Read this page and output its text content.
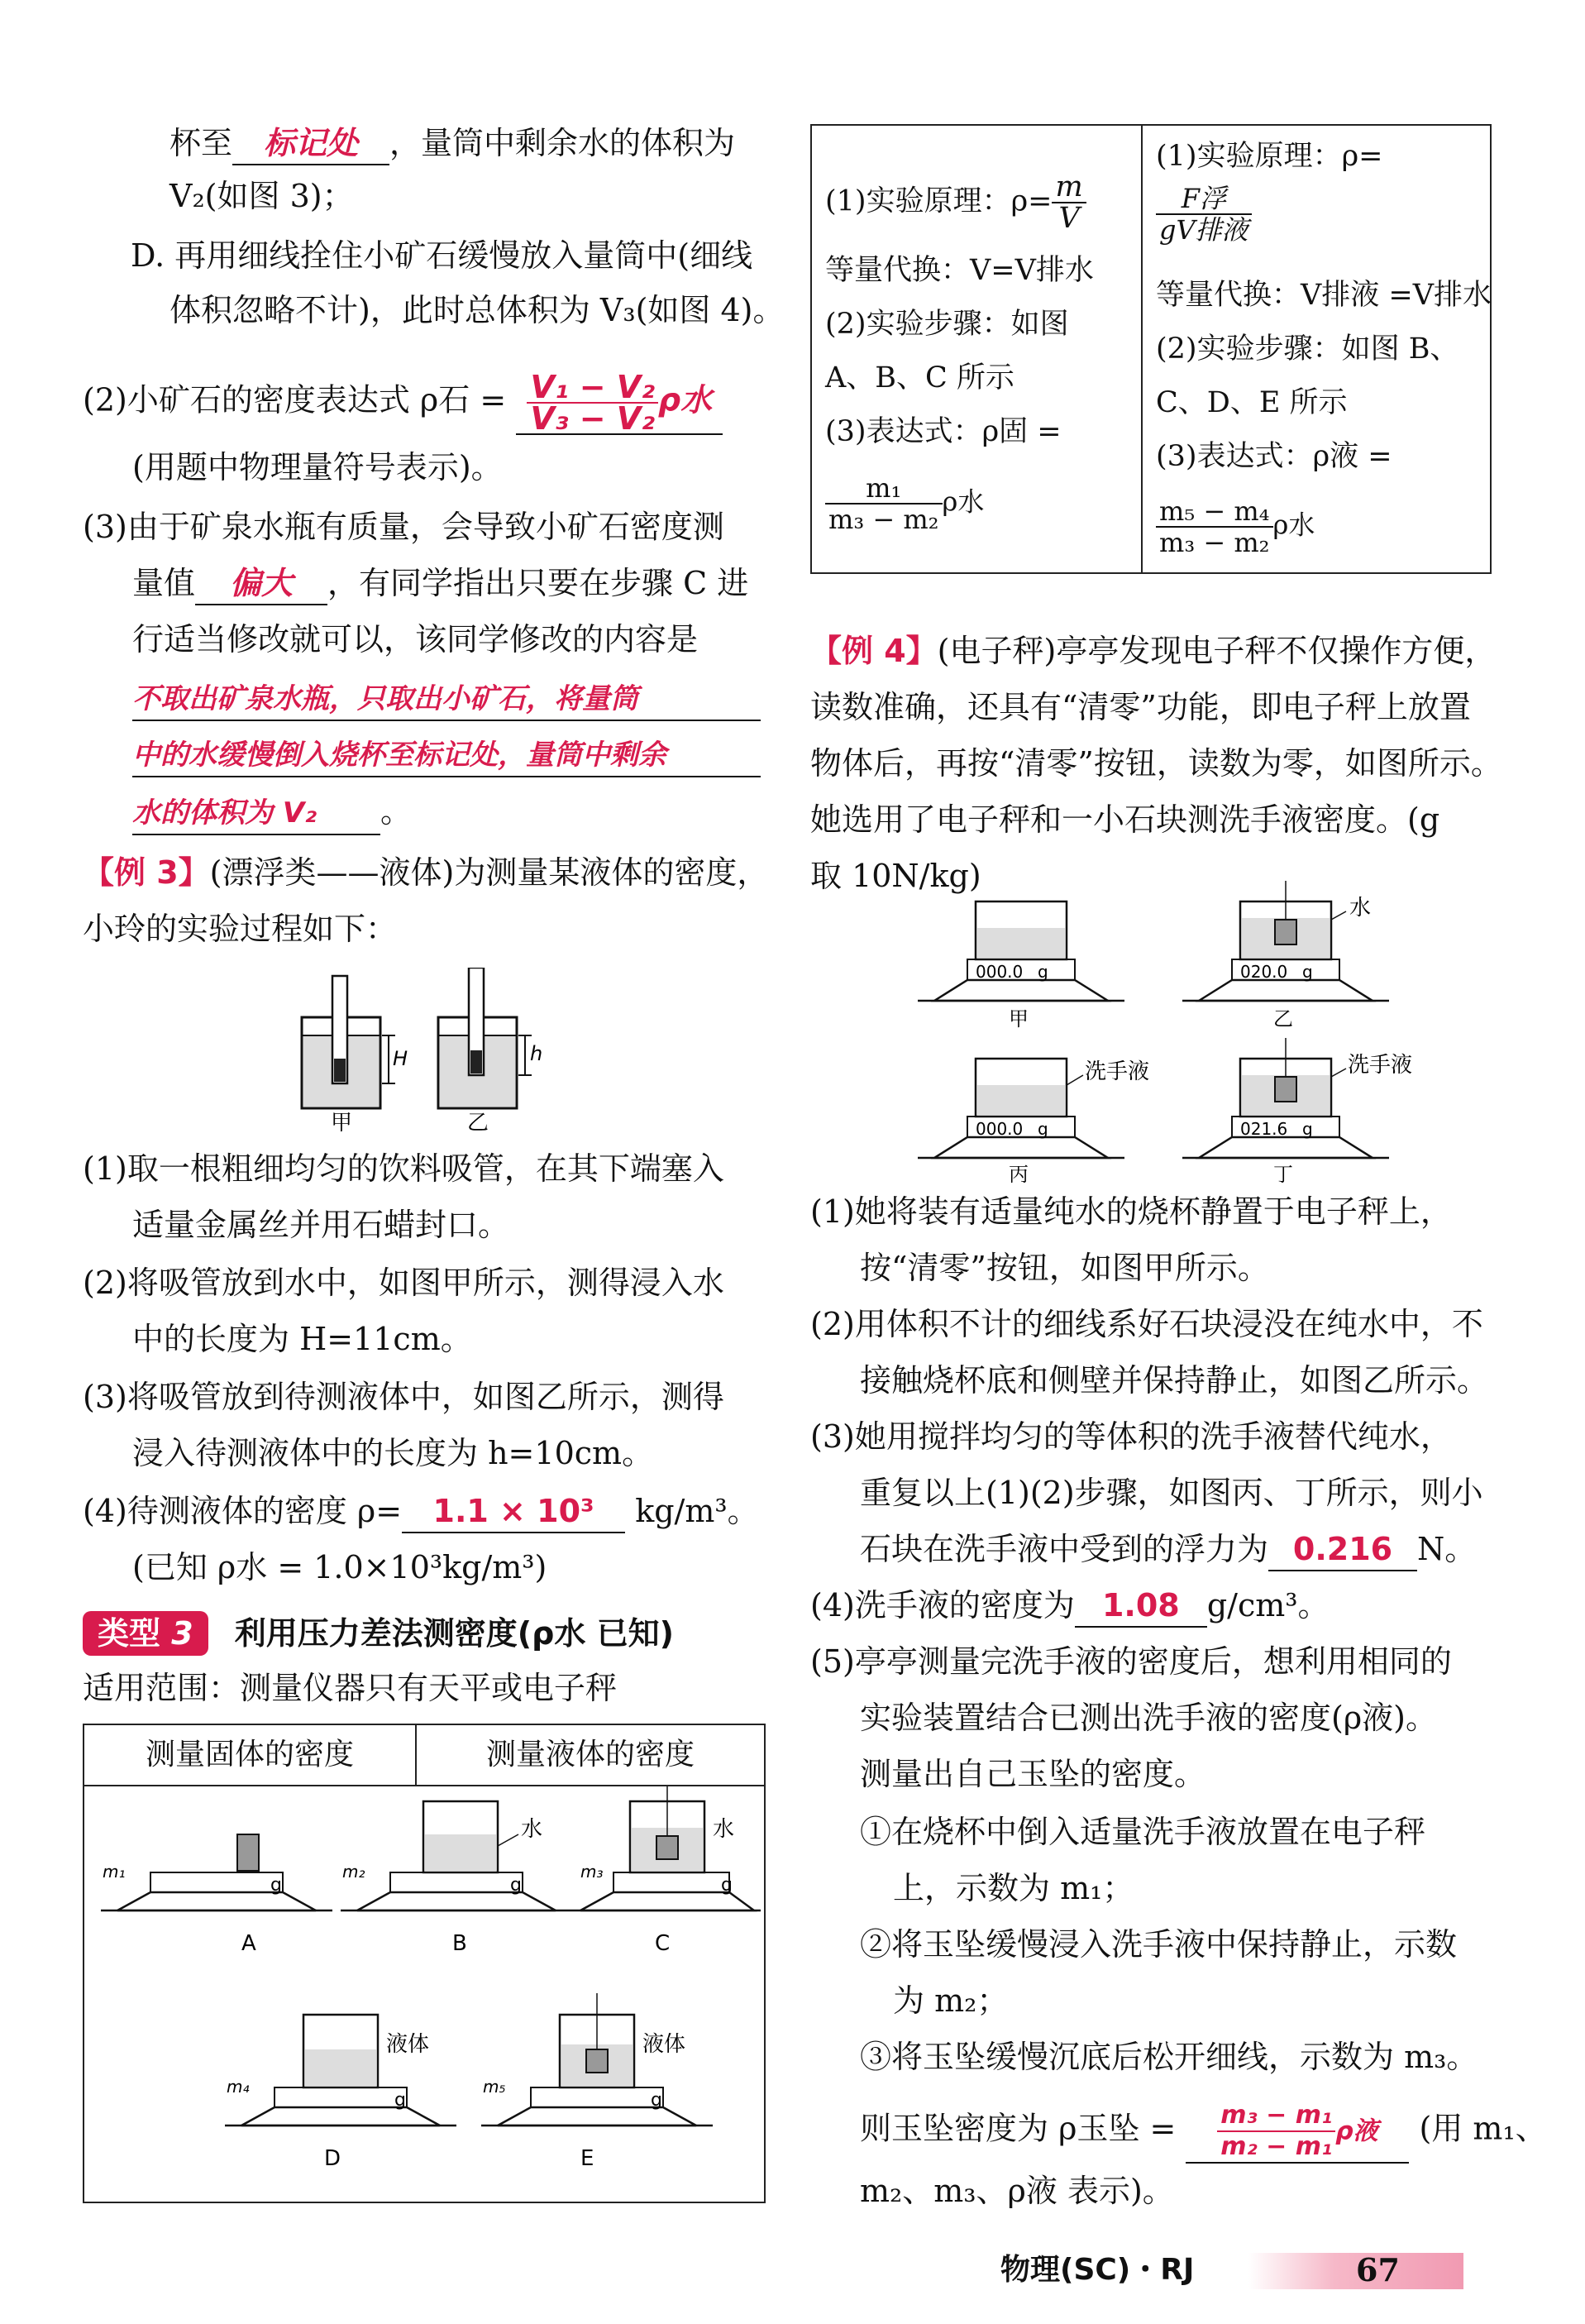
杯至 标记处 ，量筒中剩余水的体积为
V₂(如图 3)；
D. 再用细线拴住小矿石缓慢放入量筒中(细线
体积忽略不计)，此时总体积为 V₃(如图 4)。
(2)小矿石的密度表达式 ρ石 = $\frac{\text{V₁ − V₂}}{\text{V₃ − V₂}}$ ρ水
(用题中物理量符号表示)。
(3)由于矿泉水瓶有质量，会导致小矿石密度测
量值 偏大 ，有同学指出只要在步骤 C 进
行适当修改就可以，该同学修改的内容是
不取出矿泉水瓶，只取出小矿石，将量筒
中的水缓慢倒入烧杯至标记处，量筒中剩余
水的体积为 V₂ 。
【例 3】(漂浮类——液体)为测量某液体的密度，
小玲的实验过程如下：
H
甲
h
乙
(1)取一根粗细均匀的饮料吸管，在其下端塞入
适量金属丝并用石蜡封口。
(2)将吸管放到水中，如图甲所示，测得浸入水
中的长度为 H=11cm。
(3)将吸管放到待测液体中，如图乙所示，测得
浸入待测液体中的长度为 h=10cm。
(4)待测液体的密度 ρ= 1.1 × 10³ kg/m³。
(已知 ρ水 = 1.0×10³kg/m³)
类型 3 利用压力差法测密度(ρ水 已知)
适用范围：测量仪器只有天平或电子秤
测量固体的密度	测量液体的密度
m₁
g
A
水
m₂
g
B
水
m₃
g
C
液体
m₄
g
D
液体
m₅
g
E
(1)实验原理：$\rho= \frac{m}{V}$
等量代换：V=V排水
(2)实验步骤：如图
A、B、C 所示
(3)表达式：ρ固 =
$\frac{\text{m₁}}{\text{m₃ − m₂}}$ ρ水
(1)实验原理：ρ=
$\frac{\text{F浮}}{\text{gV排液}}$
等量代换：V排液 =V排水
(2)实验步骤：如图 B、
C、D、E 所示
(3)表达式：ρ液 =
$\frac{\text{m₅ − m₄}}{\text{m₃ − m₂}}$ ρ水
【例 4】(电子秤)亭亭发现电子秤不仅操作方便，
读数准确，还具有“清零”功能，即电子秤上放置
物体后，再按“清零”按钮，读数为零，如图所示。
她选用了电子秤和一小石块测洗手液密度。(g
取 10N/kg)
000.0 g
甲
水
020.0 g
乙
洗手液
000.0 g
丙
洗手液
021.6 g
丁
(1)她将装有适量纯水的烧杯静置于电子秤上，
按“清零”按钮，如图甲所示。
(2)用体积不计的细线系好石块浸没在纯水中，不
接触烧杯底和侧壁并保持静止，如图乙所示。
(3)她用搅拌均匀的等体积的洗手液替代纯水，
重复以上(1)(2)步骤，如图丙、丁所示，则小
石块在洗手液中受到的浮力为 0.216 N。
(4)洗手液的密度为 1.08 g/cm³。
(5)亭亭测量完洗手液的密度后，想利用相同的
实验装置结合已测出洗手液的密度(ρ液)。
测量出自己玉坠的密度。
①在烧杯中倒入适量洗手液放置在电子秤
上，示数为 m₁；
②将玉坠缓慢浸入洗手液中保持静止，示数
为 m₂；
③将玉坠缓慢沉底后松开细线，示数为 m₃。
则玉坠密度为 ρ玉坠 = $\frac{\text{m₃ − m₁}}{\text{m₂ − m₁}}$ ρ液 (用 m₁、
m₂、m₃、ρ液 表示)。
物理(SC)・RJ	67
